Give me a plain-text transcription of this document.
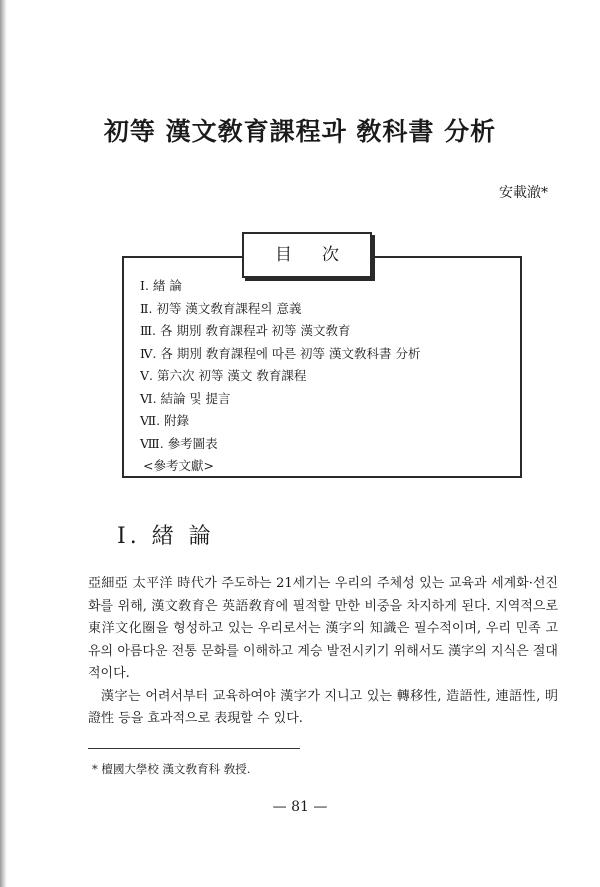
初等 漢文敎育課程과 敎科書 分析
安載澈*
目次
Ⅰ. 緖 論
Ⅱ. 初等 漢文敎育課程의 意義
Ⅲ. 各 期別 敎育課程과 初等 漢文敎育
Ⅳ. 各 期別 敎育課程에 따른 初等 漢文敎科書 分析
Ⅴ. 第六次 初等 漢文 敎育課程
Ⅵ. 結論 및 提言
Ⅶ. 附錄
Ⅷ. 參考圖表
<參考文獻>
Ⅰ. 緖 論

亞細亞 太平洋 時代가 주도하는 21세기는 우리의 주체성 있는 교육과 세계화·선진화를 위해, 漢文敎育은 英語敎育에 필적할 만한 비중을 차지하게 된다. 지역적으로 東洋文化圈을 형성하고 있는 우리로서는 漢字의 知識은 필수적이며, 우리 민족 고유의 아름다운 전통 문화를 이해하고 계승 발전시키기 위해서도 漢字의 지식은 절대적이다.

漢字는 어려서부터 교육하여야 漢字가 지니고 있는 轉移性, 造語性, 連語性, 明證性 등을 효과적으로 表現할 수 있다.

* 檀國大學校 漢文敎育科 敎授.
— 81 —
